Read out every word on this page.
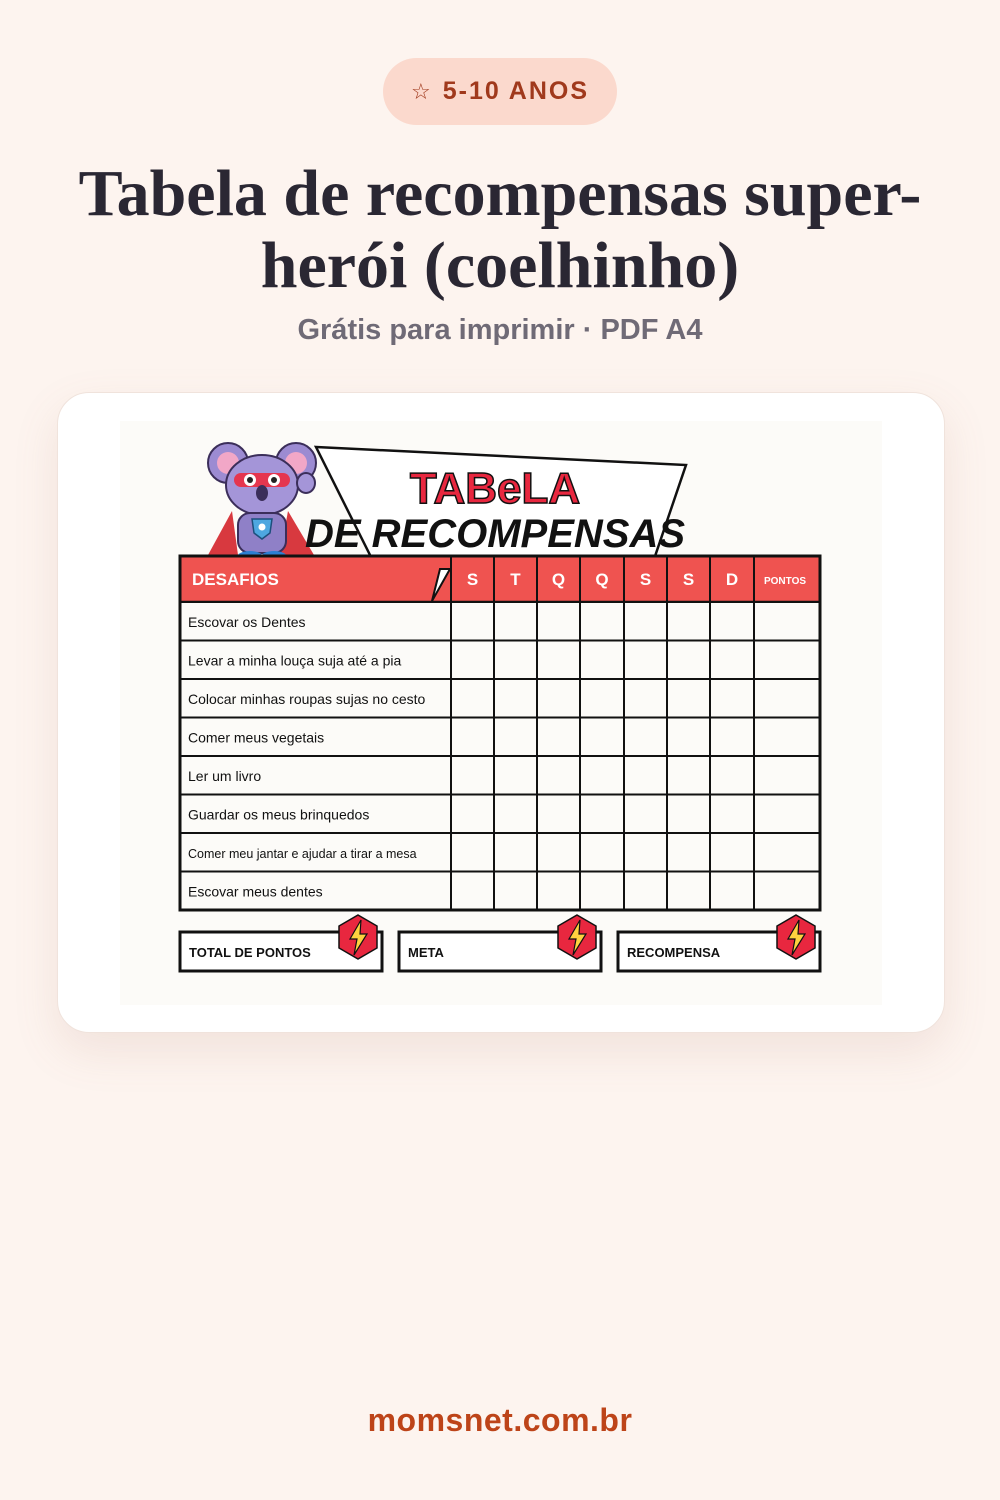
☆ 5-10 ANOS
Tabela de recompensas super-herói (coelhinho)
Grátis para imprimir · PDF A4
TABeLA
DE RECOMPENSAS
DESAFIOS	S T Q Q S S D	PONTOS
Escovar os Dentes
Levar a minha louça suja até a pia
Colocar minhas roupas sujas no cesto
Comer meus vegetais
Ler um livro
Guardar os meus brinquedos
Comer meu jantar e ajudar a tirar a mesa
Escovar meus dentes
TOTAL DE PONTOS	META	RECOMPENSA
momsnet.com.br
